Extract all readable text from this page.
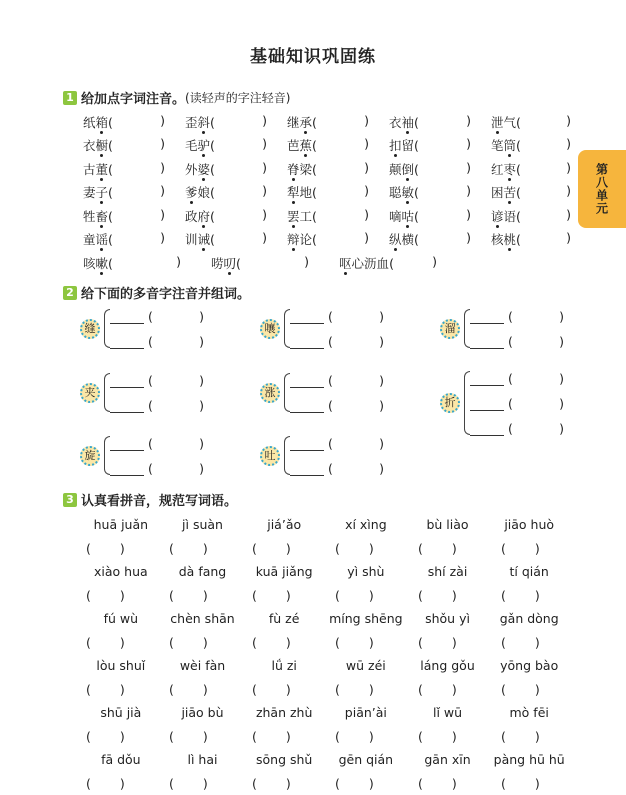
基础知识巩固练
第八单元
1 给加点字词注音。 (读轻声的字注轻音)
纸箱(	) 歪斜(	) 继承(	) 衣袖(	) 泄气(	)
衣橱(	) 毛驴(	) 芭蕉(	) 扣留(	) 笔筒(	)
古董(	) 外婆(	) 脊梁(	) 颠倒(	) 红枣(	)
妻子(	) 爹娘(	) 犁地(	) 聪敏(	) 困苦(	)
牲畜(	) 政府(	) 罢工(	) 嘀咕(	) 谚语(	)
童谣(	) 训诫(	) 辩论(	) 纵横(	) 核桃(	)
咳嗽(	) 唠叨(	) 呕心沥血(	)
2 给下面的多音字注音并组词。
缝
(	)
(	)
嚷
(	)
(	)
溜
(	)
(	)
夹
(	)
(	)
涨
(	)
(	)	折
(	)
(	)
(	)
旋
(	)
(	)
吐
(	)
(	)
3 认真看拼音，规范写词语。
huā juǎn	jì suàn	jiá’ǎo	xí xìng	bù liào	jiāo huò
(	)	(	)	(	)	(	)	(	)	(	)
xiào hua	dà fang	kuā jiǎng	yì shù	shí zài	tí qián
(	)	(	)	(	)	(	)	(	)	(	)
fú wù	chèn shān	fù zé	míng shēng	shǒu yì	gǎn dòng
(	)	(	)	(	)	(	)	(	)	(	)
lòu shuǐ	wèi fàn	lǘ zi	wū zéi	láng gǒu	yōng bào
(	)	(	)	(	)	(	)	(	)	(	)
shū jià	jiāo bù	zhān zhù	piān’ài	lǐ wū	mò fēi
(	)	(	)	(	)	(	)	(	)	(	)
fā dǒu	lì hai	sōng shǔ	gēn qián	gān xīn	pàng hū hū
(	)	(	)	(	)	(	)	(	)	(	)
